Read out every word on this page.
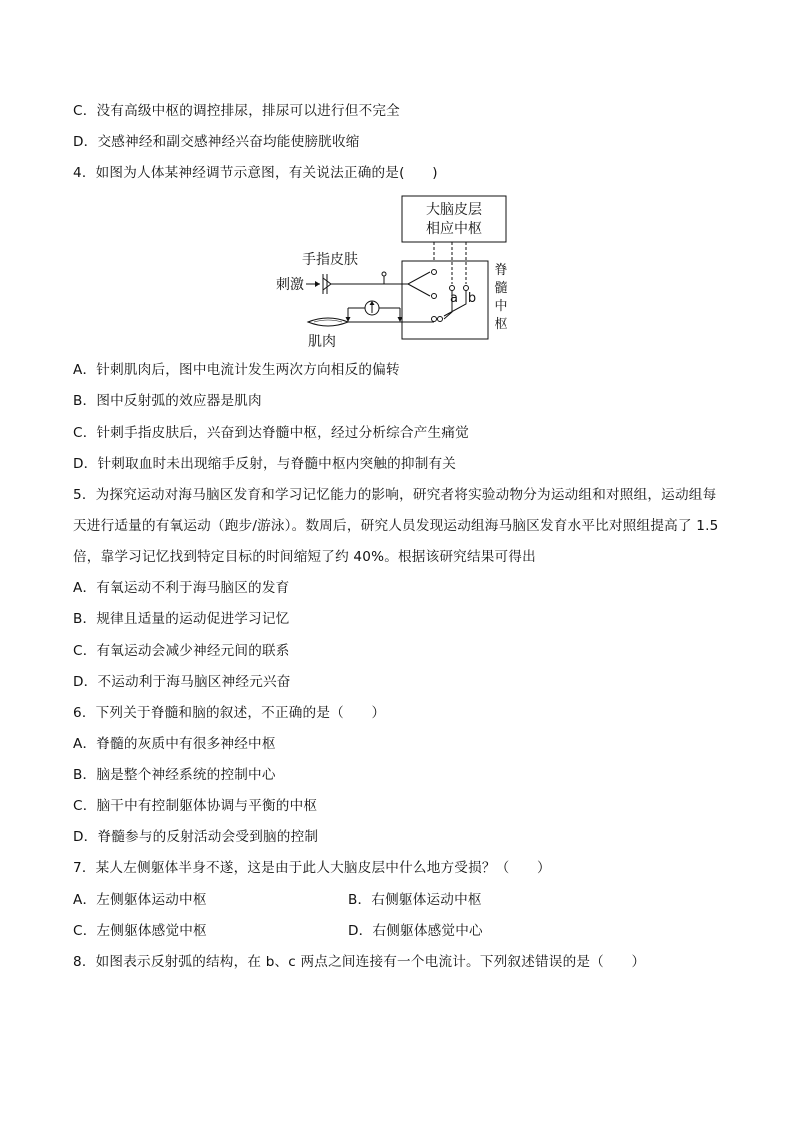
C．没有高级中枢的调控排尿，排尿可以进行但不完全
D．交感神经和副交感神经兴奋均能使膀胱收缩
4．如图为人体某神经调节示意图，有关说法正确的是(　　)
大脑皮层
相应中枢
脊
髓
中
枢
a b
手指皮肤
刺激
肌肉
A．针刺肌肉后，图中电流计发生两次方向相反的偏转
B．图中反射弧的效应器是肌肉
C．针刺手指皮肤后，兴奋到达脊髓中枢，经过分析综合产生痛觉
D．针刺取血时未出现缩手反射，与脊髓中枢内突触的抑制有关
5．为探究运动对海马脑区发育和学习记忆能力的影响，研究者将实验动物分为运动组和对照组，运动组每
天进行适量的有氧运动（跑步/游泳）。数周后，研究人员发现运动组海马脑区发育水平比对照组提高了 1.5
倍，靠学习记忆找到特定目标的时间缩短了约 40%。根据该研究结果可得出
A．有氧运动不利于海马脑区的发育
B．规律且适量的运动促进学习记忆
C．有氧运动会减少神经元间的联系
D．不运动利于海马脑区神经元兴奋
6．下列关于脊髓和脑的叙述，不正确的是（　　）
A．脊髓的灰质中有很多神经中枢
B．脑是整个神经系统的控制中心
C．脑干中有控制躯体协调与平衡的中枢
D．脊髓参与的反射活动会受到脑的控制
7．某人左侧躯体半身不遂，这是由于此人大脑皮层中什么地方受损？（　　）
A．左侧躯体运动中枢	B．右侧躯体运动中枢
C．左侧躯体感觉中枢	D．右侧躯体感觉中心
8．如图表示反射弧的结构，在 b、c 两点之间连接有一个电流计。下列叙述错误的是（　　）
